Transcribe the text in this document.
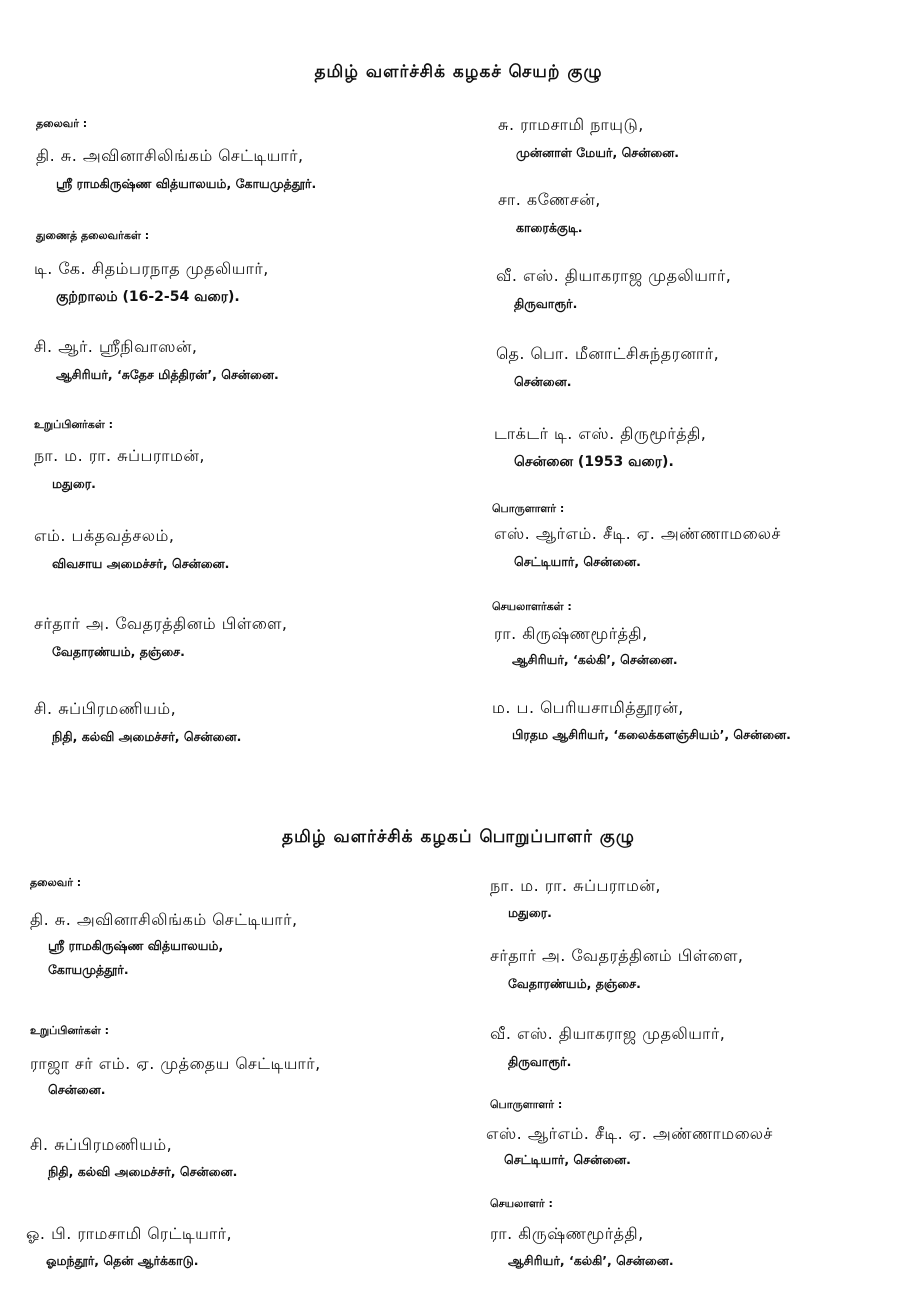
தமிழ் வளர்ச்சிக் கழகச் செயற் குழு
தலைவர் :
தி. சு. அவினாசிலிங்கம் செட்டியார்,
ஸ்ரீ ராமகிருஷ்ண வித்யாலயம், கோயமுத்தூர்.
துணைத் தலைவர்கள் :
டி. கே. சிதம்பரநாத முதலியார்,
குற்றாலம் (16-2-54 வரை).
சி. ஆர். ஸ்ரீநிவாஸன்,
ஆசிரியர், ‘சுதேச மித்திரன்’, சென்னை.
உறுப்பினர்கள் :
நா. ம. ரா. சுப்பராமன்,
மதுரை.
எம். பக்தவத்சலம்,
விவசாய அமைச்சர், சென்னை.
சர்தார் அ. வேதரத்தினம் பிள்ளை,
வேதாரண்யம், தஞ்சை.
சி. சுப்பிரமணியம்,
நிதி, கல்வி அமைச்சர், சென்னை.
சு. ராமசாமி நாயுடு,
முன்னாள் மேயர், சென்னை.
சா. கணேசன்,
காரைக்குடி.
வீ. எஸ். தியாகராஜ முதலியார்,
திருவாரூர்.
தெ. பொ. மீனாட்சிசுந்தரனார்,
சென்னை.
டாக்டர் டி. எஸ். திருமூர்த்தி,
சென்னை (1953 வரை).
பொருளாளர் :
எஸ். ஆர்எம். சீடி. ஏ. அண்ணாமலைச்
செட்டியார், சென்னை.
செயலாளர்கள் :
ரா. கிருஷ்ணமூர்த்தி,
ஆசிரியர், ‘கல்கி’, சென்னை.
ம. ப. பெரியசாமித்தூரன்,
பிரதம ஆசிரியர், ‘கலைக்களஞ்சியம்’, சென்னை.
தமிழ் வளர்ச்சிக் கழகப் பொறுப்பாளர் குழு
தலைவர் :
தி. சு. அவினாசிலிங்கம் செட்டியார்,
ஸ்ரீ ராமகிருஷ்ண வித்யாலயம்,
கோயமுத்தூர்.
உறுப்பினர்கள் :
ராஜா சர் எம். ஏ. முத்தைய செட்டியார்,
சென்னை.
சி. சுப்பிரமணியம்,
நிதி, கல்வி அமைச்சர், சென்னை.
ஓ. பி. ராமசாமி ரெட்டியார்,
ஓமந்தூர், தென் ஆர்க்காடு.
நா. ம. ரா. சுப்பராமன்,
மதுரை.
சர்தார் அ. வேதரத்தினம் பிள்ளை,
வேதாரண்யம், தஞ்சை.
வீ. எஸ். தியாகராஜ முதலியார்,
திருவாரூர்.
பொருளாளர் :
எஸ். ஆர்எம். சீடி. ஏ. அண்ணாமலைச்
செட்டியார், சென்னை.
செயலாளர் :
ரா. கிருஷ்ணமூர்த்தி,
ஆசிரியர், ‘கல்கி’, சென்னை.
